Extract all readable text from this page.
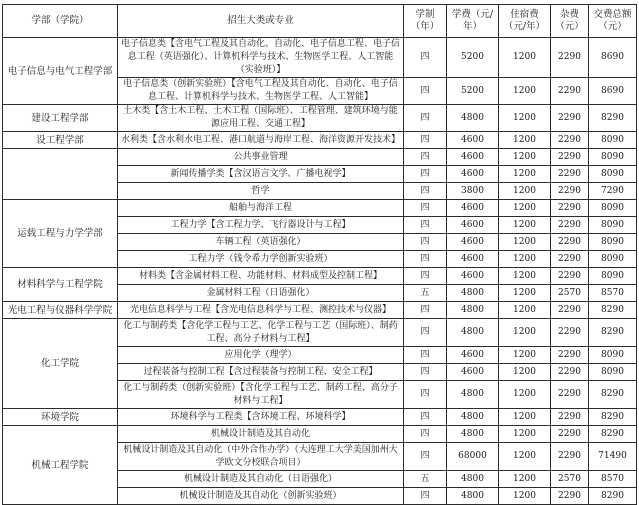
学部（学院）	招生大类或专业	学制（年）	学费（元/年）	住宿费（元/年）	杂费（元）	交费总额（元）
电子信息与电气工程学部	电子信息类【含电气工程及其自动化、自动化、电子信息工程、电子信息工程（英语强化）、计算机科学与技术、生物医学工程、人工智能（实验班）】	四	5200	1200	2290	8690
	电子信息类（创新实验班）【含电气工程及其自动化、自动化、电子信息工程、计算机科学与技术、生物医学工程、人工智能】	四	5200	1200	2290	8690
建设工程学部	土木类【含土木工程、土木工程（国际班）、工程管理、建筑环境与能源应用工程、交通工程】	四	4800	1200	2290	8290
设工程学部	水利类【含水利水电工程、港口航道与海岸工程、海洋资源开发技术】	四	4600	1200	2290	8090
	公共事业管理	四	4600	1200	2290	8090
	新闻传播学类【含汉语言文学、广播电视学】	四	4600	1200	2290	8090
	哲学	四	3800	1200	2290	7290
运载工程与力学学部	船舶与海洋工程	四	4600	1200	2290	8090
	工程力学【含工程力学、飞行器设计与工程】	四	4600	1200	2290	8090
	车辆工程（英语强化）	四	4600	1200	2290	8090
	工程力学（钱令希力学创新实验班）	四	4600	1200	2290	8090
材料科学与工程学院	材料类【含金属材料工程、功能材料、材料成型及控制工程】	四	4600	1200	2290	8090
	金属材料工程（日语强化）	五	4800	1200	2570	8570
光电工程与仪器科学学院	光电信息科学与工程【含光电信息科学与工程、测控技术与仪器】	四	4800	1200	2290	8290
化工学院	化工与制药类【含化学工程与工艺、化学工程与工艺（国际班）、制药工程、高分子材料与工程】	四	4800	1200	2290	8290
	应用化学（理学）	四	4600	1200	2290	8090
	过程装备与控制工程【含过程装备与控制工程、安全工程】	四	4600	1200	2290	8090
	化工与制药类（创新实验班）【含化学工程与工艺、制药工程、高分子材料与工程】	四	4800	1200	2290	8290
环境学院	环境科学与工程类【含环境工程、环境科学】	四	4800	1200	2290	8290
机械工程学院	机械设计制造及其自动化	四	4800	1200	2290	8290
	机械设计制造及其自动化（中外合作办学）（大连理工大学美国加州大学欧文分校联合项目）	四	68000	1200	2290	71490
	机械设计制造及其自动化（日语强化）	五	4800	1200	2570	8570
	机械设计制造及其自动化（创新实验班）	四	4800	1200	2290	8290
